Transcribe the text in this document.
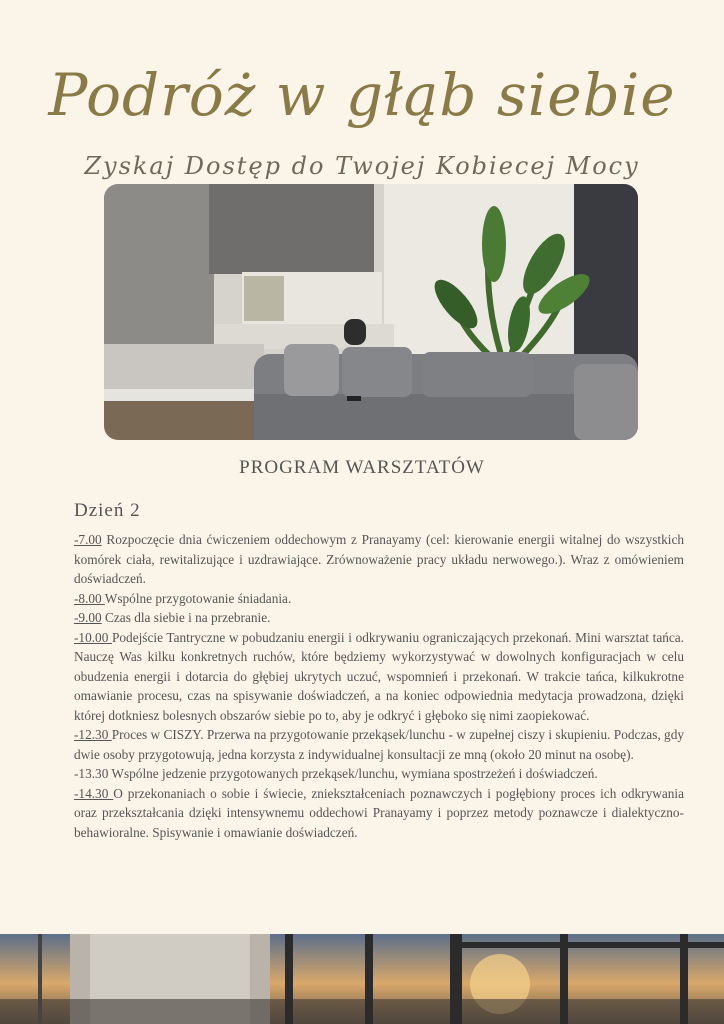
Podróż w głąb siebie
Zyskaj Dostęp do Twojej Kobiecej Mocy
PROGRAM WARSZTATÓW
Dzień 2

-7.00 Rozpoczęcie dnia ćwiczeniem oddechowym z Pranayamy (cel: kierowanie energii witalnej do wszystkich komórek ciała, rewitalizujące i uzdrawiające. Zrównoważenie pracy układu nerwowego.). Wraz z omówieniem doświadczeń.

-8.00 Wspólne przygotowanie śniadania.

-9.00 Czas dla siebie i na przebranie.

-10.00 Podejście Tantryczne w pobudzaniu energii i odkrywaniu ograniczających przekonań. Mini warsztat tańca. Nauczę Was kilku konkretnych ruchów, które będziemy wykorzystywać w dowolnych konfiguracjach w celu obudzenia energii i dotarcia do głębiej ukrytych uczuć, wspomnień i przekonań. W trakcie tańca, kilkukrotne omawianie procesu, czas na spisywanie doświadczeń, a na koniec odpowiednia medytacja prowadzona, dzięki której dotkniesz bolesnych obszarów siebie po to, aby je odkryć i głęboko się nimi zaopiekować.

-12.30 Proces w CISZY. Przerwa na przygotowanie przekąsek/lunchu - w zupełnej ciszy i skupieniu. Podczas, gdy dwie osoby przygotowują, jedna korzysta z indywidualnej konsultacji ze mną (około 20 minut na osobę).

-13.30 Wspólne jedzenie przygotowanych przekąsek/lunchu, wymiana spostrzeżeń i doświadczeń.

-14.30 O przekonaniach o sobie i świecie, zniekształceniach poznawczych i pogłębiony proces ich odkrywania oraz przekształcania dzięki intensywnemu oddechowi Pranayamy i poprzez metody poznawcze i dialektyczno-behawioralne. Spisywanie i omawianie doświadczeń.
